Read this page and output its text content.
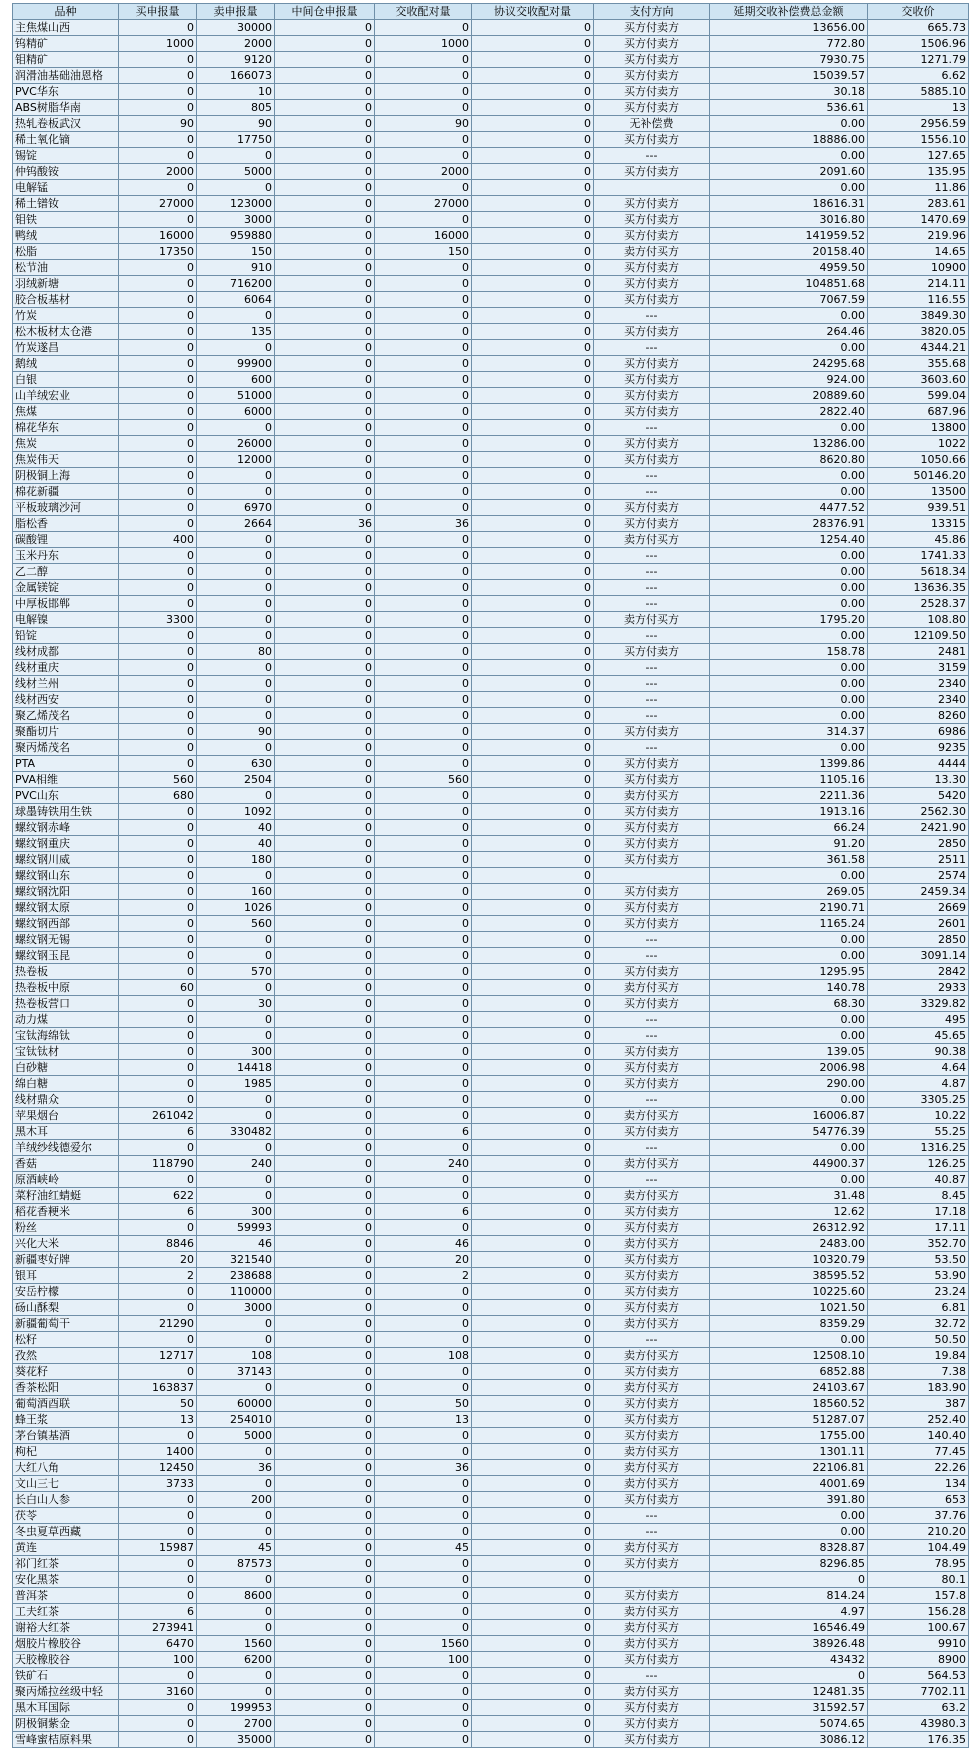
品种	买申报量	卖申报量	中间仓申报量	交收配对量	协议交收配对量	支付方向	延期交收补偿费总金额	交收价
主焦煤山西	0	30000	0	0	0	买方付卖方	13656.00	665.73
钨精矿	1000	2000	0	1000	0	买方付卖方	772.80	1506.96
钼精矿	0	9120	0	0	0	买方付卖方	7930.75	1271.79
润滑油基础油恩格	0	166073	0	0	0	买方付卖方	15039.57	6.62
PVC华东	0	10	0	0	0	买方付卖方	30.18	5885.10
ABS树脂华南	0	805	0	0	0	买方付卖方	536.61	13
热轧卷板武汉	90	90	0	90	0	无补偿费	0.00	2956.59
稀土氧化镝	0	17750	0	0	0	买方付卖方	18886.00	1556.10
锡锭	0	0	0	0	0	---	0.00	127.65
仲钨酸铵	2000	5000	0	2000	0	买方付卖方	2091.60	135.95
电解锰	0	0	0	0	0		0.00	11.86
稀土镨钕	27000	123000	0	27000	0	买方付卖方	18616.31	283.61
钼铁	0	3000	0	0	0	买方付卖方	3016.80	1470.69
鸭绒	16000	959880	0	16000	0	买方付卖方	141959.52	219.96
松脂	17350	150	0	150	0	卖方付买方	20158.40	14.65
松节油	0	910	0	0	0	买方付卖方	4959.50	10900
羽绒新塘	0	716200	0	0	0	买方付卖方	104851.68	214.11
胶合板基材	0	6064	0	0	0	买方付卖方	7067.59	116.55
竹炭	0	0	0	0	0	---	0.00	3849.30
松木板材太仓港	0	135	0	0	0	买方付卖方	264.46	3820.05
竹炭遂昌	0	0	0	0	0	---	0.00	4344.21
鹅绒	0	99900	0	0	0	买方付卖方	24295.68	355.68
白银	0	600	0	0	0	买方付卖方	924.00	3603.60
山羊绒宏业	0	51000	0	0	0	买方付卖方	20889.60	599.04
焦煤	0	6000	0	0	0	买方付卖方	2822.40	687.96
棉花华东	0	0	0	0	0	---	0.00	13800
焦炭	0	26000	0	0	0	买方付卖方	13286.00	1022
焦炭伟天	0	12000	0	0	0	买方付卖方	8620.80	1050.66
阴极铜上海	0	0	0	0	0	---	0.00	50146.20
棉花新疆	0	0	0	0	0	---	0.00	13500
平板玻璃沙河	0	6970	0	0	0	买方付卖方	4477.52	939.51
脂松香	0	2664	36	36	0	买方付卖方	28376.91	13315
碳酸锂	400	0	0	0	0	卖方付买方	1254.40	45.86
玉米丹东	0	0	0	0	0	---	0.00	1741.33
乙二醇	0	0	0	0	0	---	0.00	5618.34
金属镁锭	0	0	0	0	0	---	0.00	13636.35
中厚板邯郸	0	0	0	0	0	---	0.00	2528.37
电解镍	3300	0	0	0	0	卖方付买方	1795.20	108.80
铅锭	0	0	0	0	0	---	0.00	12109.50
线材成都	0	80	0	0	0	买方付卖方	158.78	2481
线材重庆	0	0	0	0	0	---	0.00	3159
线材兰州	0	0	0	0	0	---	0.00	2340
线材西安	0	0	0	0	0	---	0.00	2340
聚乙烯茂名	0	0	0	0	0	---	0.00	8260
聚酯切片	0	90	0	0	0	买方付卖方	314.37	6986
聚丙烯茂名	0	0	0	0	0	---	0.00	9235
PTA	0	630	0	0	0	买方付卖方	1399.86	4444
PVA相维	560	2504	0	560	0	买方付卖方	1105.16	13.30
PVC山东	680	0	0	0	0	卖方付买方	2211.36	5420
球墨铸铁用生铁	0	1092	0	0	0	买方付卖方	1913.16	2562.30
螺纹钢赤峰	0	40	0	0	0	买方付卖方	66.24	2421.90
螺纹钢重庆	0	40	0	0	0	买方付卖方	91.20	2850
螺纹钢川威	0	180	0	0	0	买方付卖方	361.58	2511
螺纹钢山东	0	0	0	0	0		0.00	2574
螺纹钢沈阳	0	160	0	0	0	买方付卖方	269.05	2459.34
螺纹钢太原	0	1026	0	0	0	买方付卖方	2190.71	2669
螺纹钢西部	0	560	0	0	0	买方付卖方	1165.24	2601
螺纹钢无锡	0	0	0	0	0	---	0.00	2850
螺纹钢玉昆	0	0	0	0	0	---	0.00	3091.14
热卷板	0	570	0	0	0	买方付卖方	1295.95	2842
热卷板中原	60	0	0	0	0	卖方付买方	140.78	2933
热卷板营口	0	30	0	0	0	买方付卖方	68.30	3329.82
动力煤	0	0	0	0	0	---	0.00	495
宝钛海绵钛	0	0	0	0	0	---	0.00	45.65
宝钛钛材	0	300	0	0	0	买方付卖方	139.05	90.38
白砂糖	0	14418	0	0	0	买方付卖方	2006.98	4.64
绵白糖	0	1985	0	0	0	买方付卖方	290.00	4.87
线材鼎众	0	0	0	0	0	---	0.00	3305.25
苹果烟台	261042	0	0	0	0	卖方付买方	16006.87	10.22
黑木耳	6	330482	0	6	0	买方付卖方	54776.39	55.25
羊绒纱线德爱尔	0	0	0	0	0	---	0.00	1316.25
香菇	118790	240	0	240	0	卖方付买方	44900.37	126.25
原酒峡岭	0	0	0	0	0	---	0.00	40.87
菜籽油红蜻蜓	622	0	0	0	0	卖方付买方	31.48	8.45
稻花香粳米	6	300	0	6	0	买方付卖方	12.62	17.18
粉丝	0	59993	0	0	0	买方付卖方	26312.92	17.11
兴化大米	8846	46	0	46	0	卖方付买方	2483.00	352.70
新疆枣好牌	20	321540	0	20	0	买方付卖方	10320.79	53.50
银耳	2	238688	0	2	0	买方付卖方	38595.52	53.90
安岳柠檬	0	110000	0	0	0	买方付卖方	10225.60	23.24
砀山酥梨	0	3000	0	0	0	买方付卖方	1021.50	6.81
新疆葡萄干	21290	0	0	0	0	卖方付买方	8359.29	32.72
松籽	0	0	0	0	0	---	0.00	50.50
孜然	12717	108	0	108	0	卖方付买方	12508.10	19.84
葵花籽	0	37143	0	0	0	买方付卖方	6852.88	7.38
香茶松阳	163837	0	0	0	0	卖方付买方	24103.67	183.90
葡萄酒酉联	50	60000	0	50	0	买方付卖方	18560.52	387
蜂王浆	13	254010	0	13	0	买方付卖方	51287.07	252.40
茅台镇基酒	0	5000	0	0	0	买方付卖方	1755.00	140.40
枸杞	1400	0	0	0	0	卖方付买方	1301.11	77.45
大红八角	12450	36	0	36	0	卖方付买方	22106.81	22.26
文山三七	3733	0	0	0	0	卖方付买方	4001.69	134
长白山人参	0	200	0	0	0	买方付卖方	391.80	653
茯苓	0	0	0	0	0	---	0.00	37.76
冬虫夏草西藏	0	0	0	0	0	---	0.00	210.20
黄连	15987	45	0	45	0	卖方付买方	8328.87	104.49
祁门红茶	0	87573	0	0	0	买方付卖方	8296.85	78.95
安化黑茶	0	0	0	0	0		0	80.1
普洱茶	0	8600	0	0	0	买方付卖方	814.24	157.8
工夫红茶	6	0	0	0	0	卖方付买方	4.97	156.28
谢裕大红茶	273941	0	0	0	0	卖方付买方	16546.49	100.67
烟胶片橡胶谷	6470	1560	0	1560	0	卖方付买方	38926.48	9910
天胶橡胶谷	100	6200	0	100	0	买方付卖方	43432	8900
铁矿石	0	0	0	0	0	---	0	564.53
聚丙烯拉丝级中轻	3160	0	0	0	0	卖方付买方	12481.35	7702.11
黑木耳国际	0	199953	0	0	0	买方付卖方	31592.57	63.2
阴极铜紫金	0	2700	0	0	0	买方付卖方	5074.65	43980.3
雪峰蜜桔原料果	0	35000	0	0	0	买方付卖方	3086.12	176.35
